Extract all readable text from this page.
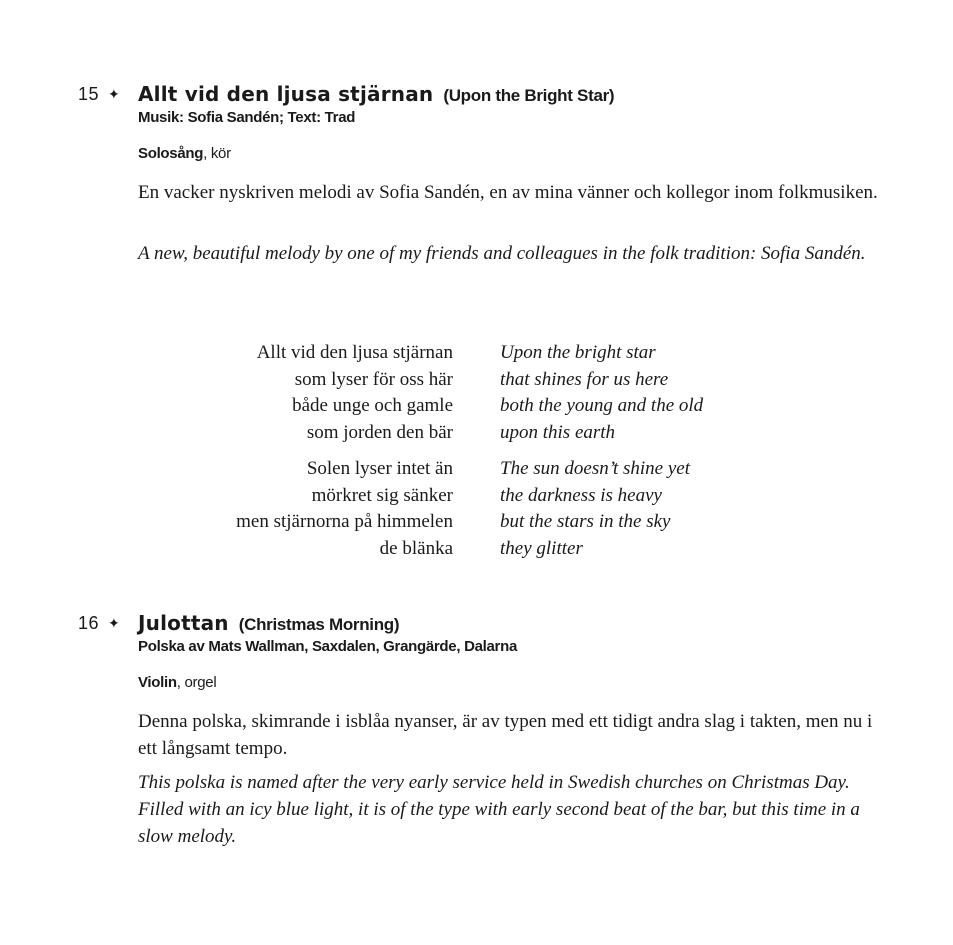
15 ✦ Allt vid den ljusa stjärnan (Upon the Bright Star)
Musik: Sofia Sandén; Text: Trad
Solosång, kör
En vacker nyskriven melodi av Sofia Sandén, en av mina vänner och kollegor inom folkmusiken.
A new, beautiful melody by one of my friends and colleagues in the folk tradition: Sofia Sandén.
Allt vid den ljusa stjärnan
som lyser för oss här
både unge och gamle
som jorden den bär
Upon the bright star
that shines for us here
both the young and the old
upon this earth
Solen lyser intet än
mörkret sig sänker
men stjärnorna på himmelen
de blänka
The sun doesn’t shine yet
the darkness is heavy
but the stars in the sky
they glitter
16 ✦ Julottan (Christmas Morning)
Polska av Mats Wallman, Saxdalen, Grangärde, Dalarna
Violin, orgel
Denna polska, skimrande i isblåa nyanser, är av typen med ett tidigt andra slag i takten, men nu i ett långsamt tempo.
This polska is named after the very early service held in Swedish churches on Christmas Day. Filled with an icy blue light, it is of the type with early second beat of the bar, but this time in a slow melody.
